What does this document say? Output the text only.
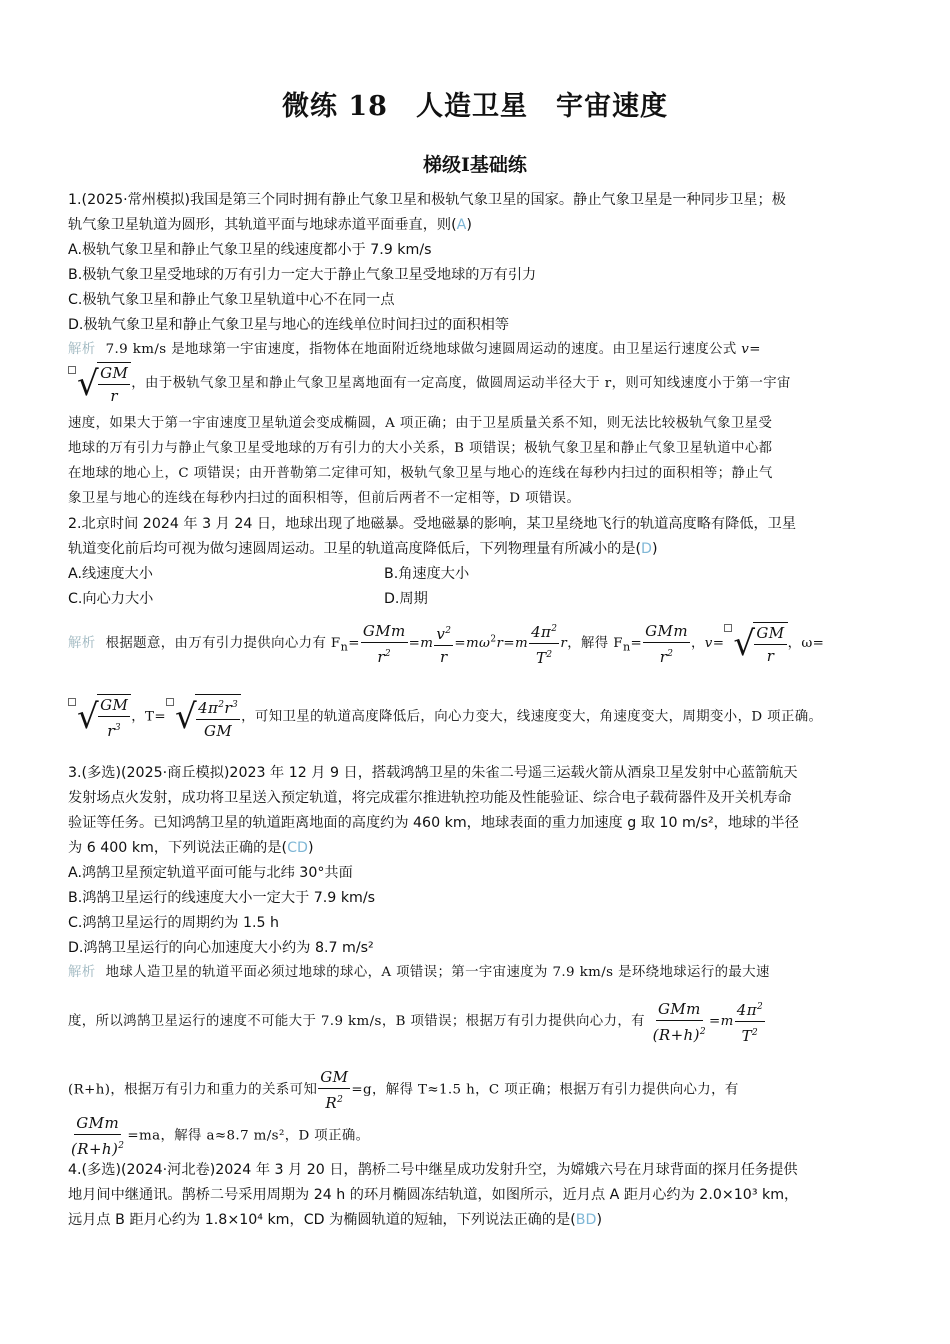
微练 18　人造卫星　宇宙速度
梯级Ⅰ基础练
1.(2025·常州模拟)我国是第三个同时拥有静止气象卫星和极轨气象卫星的国家。静止气象卫星是一种同步卫星；极
轨气象卫星轨道为圆形，其轨道平面与地球赤道平面垂直，则(A)
A.极轨气象卫星和静止气象卫星的线速度都小于 7.9 km/s
B.极轨气象卫星受地球的万有引力一定大于静止气象卫星受地球的万有引力
C.极轨气象卫星和静止气象卫星轨道中心不在同一点
D.极轨气象卫星和静止气象卫星与地心的连线单位时间扫过的面积相等
解析 7.9 km/s 是地球第一宇宙速度，指物体在地面附近绕地球做匀速圆周运动的速度。由卫星运行速度公式 v=
√ $\frac{GM}{r}$ ，由于极轨气象卫星和静止气象卫星离地面有一定高度，做圆周运动半径大于 r，则可知线速度小于第一宇宙
速度，如果大于第一宇宙速度卫星轨道会变成椭圆，A 项正确；由于卫星质量关系不知，则无法比较极轨气象卫星受
地球的万有引力与静止气象卫星受地球的万有引力的大小关系，B 项错误；极轨气象卫星和静止气象卫星轨道中心都
在地球的地心上，C 项错误；由开普勒第二定律可知，极轨气象卫星与地心的连线在每秒内扫过的面积相等；静止气
象卫星与地心的连线在每秒内扫过的面积相等，但前后两者不一定相等，D 项错误。
2.北京时间 2024 年 3 月 24 日，地球出现了地磁暴。受地磁暴的影响，某卫星绕地飞行的轨道高度略有降低，卫星
轨道变化前后均可视为做匀速圆周运动。卫星的轨道高度降低后，下列物理量有所减小的是(D)
A.线速度大小	B.角速度大小
C.向心力大小	D.周期
解析 根据题意，由万有引力提供向心力有 $F_n= \frac{\text{GMm}}{r^2} =m \frac{v^2}{r} =m\omega^2r=m \frac{4\pi^2}{T^2}$ r，解得 $F_n= \frac{\text{GMm}}{r^2}$ ，v= √ $\frac{GM}{r}$ ，ω=
√ $\frac{GM}{r^3}$ ，T= √ $\frac{4\pi^2r^3}{GM}$ ，可知卫星的轨道高度降低后，向心力变大，线速度变大，角速度变大，周期变小，D 项正确。
3.(多选)(2025·商丘模拟)2023 年 12 月 9 日，搭载鸿鹄卫星的朱雀二号遥三运载火箭从酒泉卫星发射中心蓝箭航天
发射场点火发射，成功将卫星送入预定轨道，将完成霍尔推进轨控功能及性能验证、综合电子载荷器件及开关机寿命
验证等任务。已知鸿鹄卫星的轨道距离地面的高度约为 460 km，地球表面的重力加速度 g 取 10 m/s²，地球的半径
为 6 400 km，下列说法正确的是(CD)
A.鸿鹄卫星预定轨道平面可能与北纬 30°共面
B.鸿鹄卫星运行的线速度大小一定大于 7.9 km/s
C.鸿鹄卫星运行的周期约为 1.5 h
D.鸿鹄卫星运行的向心加速度大小约为 8.7 m/s²
解析 地球人造卫星的轨道平面必须过地球的球心，A 项错误；第一宇宙速度为 7.9 km/s 是环绕地球运行的最大速
度，所以鸿鹄卫星运行的速度不可能大于 7.9 km/s，B 项错误；根据万有引力提供向心力，有 $\frac{\text{GMm}}{(R+h)^2} =m \frac{4\pi^2}{T^2}$
(R+h)，根据万有引力和重力的关系可知 $\frac{GM}{R^2} =g$，解得 T≈1.5 h，C 项正确；根据万有引力提供向心力，有
$\frac{\text{GMm}}{(R+h)^2} =ma$，解得 a≈8.7 m/s²，D 项正确。
4.(多选)(2024·河北卷)2024 年 3 月 20 日，鹊桥二号中继星成功发射升空，为嫦娥六号在月球背面的探月任务提供
地月间中继通讯。鹊桥二号采用周期为 24 h 的环月椭圆冻结轨道，如图所示，近月点 A 距月心约为 2.0×10³ km，
远月点 B 距月心约为 1.8×10⁴ km，CD 为椭圆轨道的短轴，下列说法正确的是(BD)
